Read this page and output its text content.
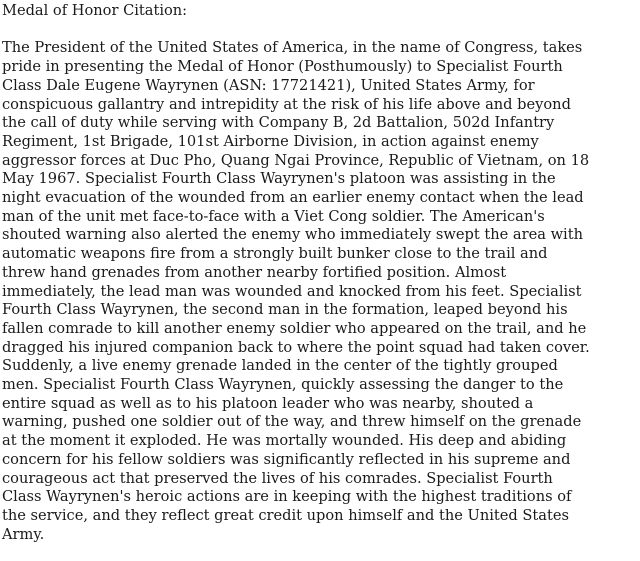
Medal of Honor Citation:
The President of the United States of America, in the name of Congress, takes
pride in presenting the Medal of Honor (Posthumously) to Specialist Fourth
Class Dale Eugene Wayrynen (ASN: 17721421), United States Army, for
conspicuous gallantry and intrepidity at the risk of his life above and beyond
the call of duty while serving with Company B, 2d Battalion, 502d Infantry
Regiment, 1st Brigade, 101st Airborne Division, in action against enemy
aggressor forces at Duc Pho, Quang Ngai Province, Republic of Vietnam, on 18
May 1967. Specialist Fourth Class Wayrynen's platoon was assisting in the
night evacuation of the wounded from an earlier enemy contact when the lead
man of the unit met face-to-face with a Viet Cong soldier. The American's
shouted warning also alerted the enemy who immediately swept the area with
automatic weapons fire from a strongly built bunker close to the trail and
threw hand grenades from another nearby fortified position. Almost
immediately, the lead man was wounded and knocked from his feet. Specialist
Fourth Class Wayrynen, the second man in the formation, leaped beyond his
fallen comrade to kill another enemy soldier who appeared on the trail, and he
dragged his injured companion back to where the point squad had taken cover.
Suddenly, a live enemy grenade landed in the center of the tightly grouped
men. Specialist Fourth Class Wayrynen, quickly assessing the danger to the
entire squad as well as to his platoon leader who was nearby, shouted a
warning, pushed one soldier out of the way, and threw himself on the grenade
at the moment it exploded. He was mortally wounded. His deep and abiding
concern for his fellow soldiers was significantly reflected in his supreme and
courageous act that preserved the lives of his comrades. Specialist Fourth
Class Wayrynen's heroic actions are in keeping with the highest traditions of
the service, and they reflect great credit upon himself and the United States
Army.
